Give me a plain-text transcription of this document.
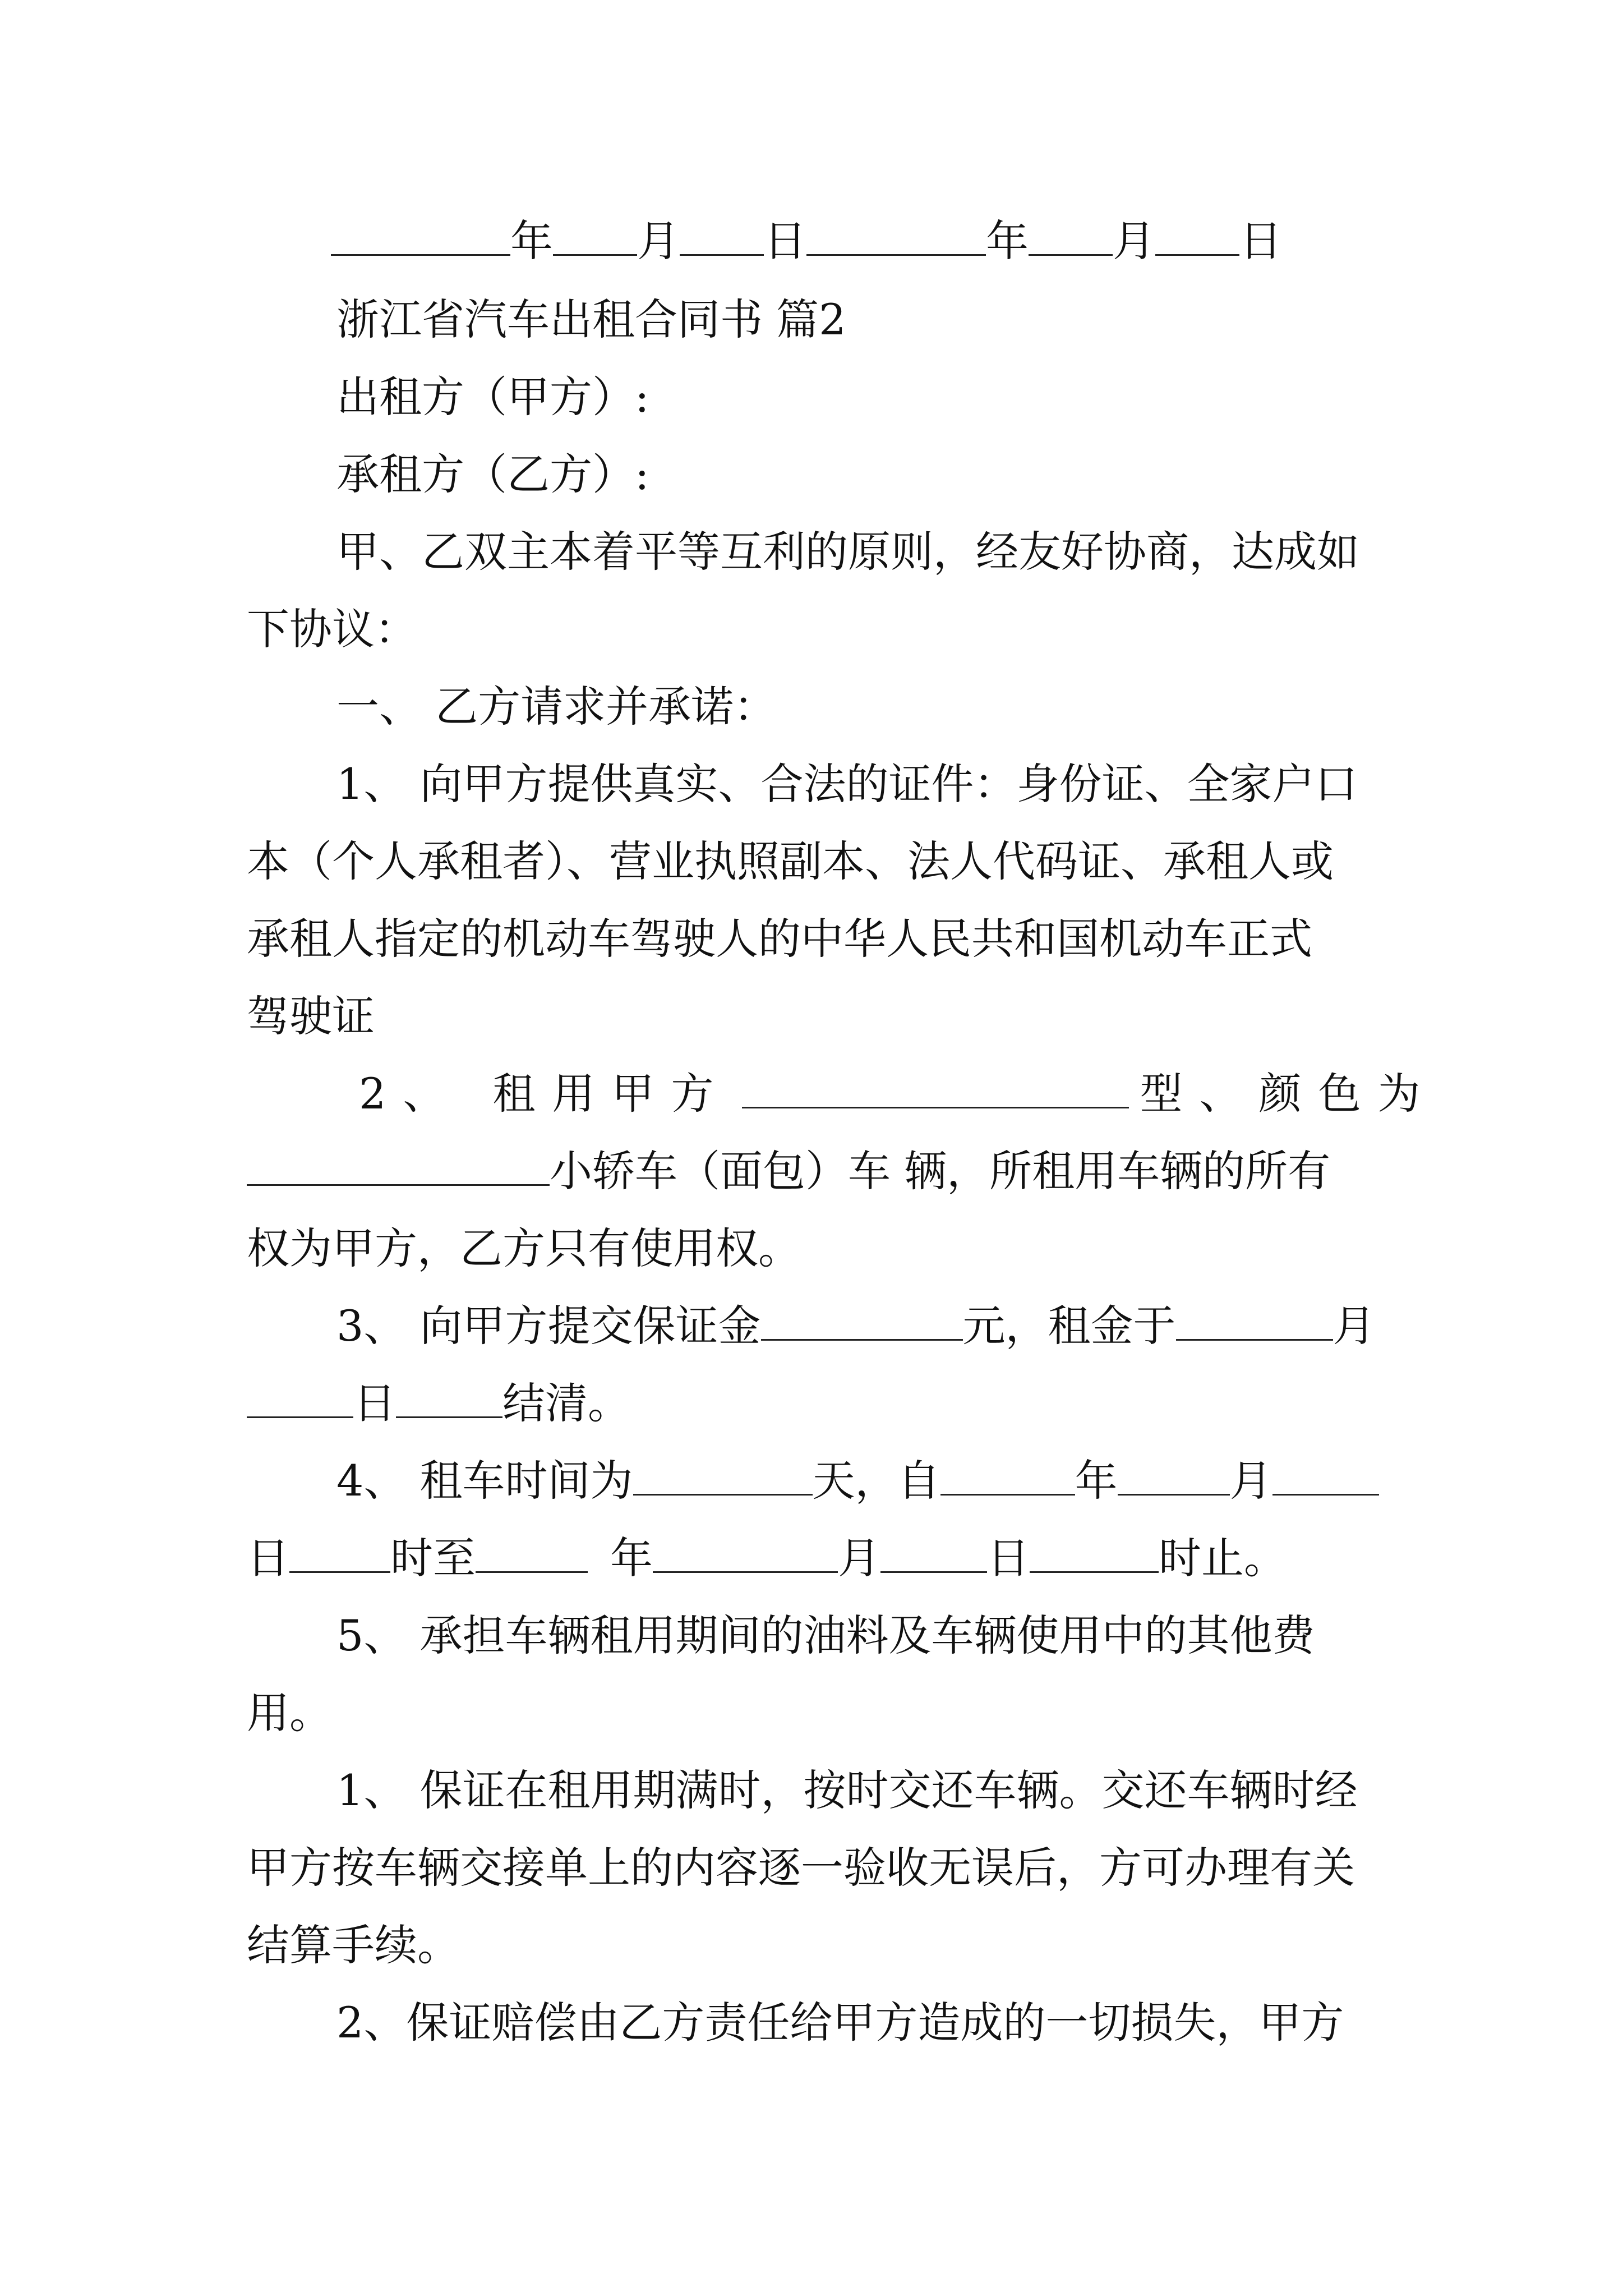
年 月 日	年 月 日
浙江省汽车出租合同书 篇2
出租方（甲方）:
承租方（乙方）:
甲、乙双主本着平等互利的原则，经友好协商，达成如
下协议：
一、 乙方请求并承诺：
1、 向甲方提供真实、合法的证件：身份证、全家户口
本（个人承租者）、营业执照副本、法人代码证、承租人或
承租人指定的机动车驾驶人的中华人民共和国机动车正式
驾驶证
2、 租用甲方	型、颜色为
小轿车（面包）车 辆，所租用车辆的所有
权为甲方，乙方只有使用权。
3、 向甲方提交保证金	元，租金于	月
日	结清。
4、 租车时间为	天，自	年	月
日 时至	年	月	日	时止。
5、 承担车辆租用期间的油料及车辆使用中的其他费
用。
1、 保证在租用期满时，按时交还车辆。交还车辆时经
甲方按车辆交接单上的内容逐一验收无误后，方可办理有关
结算手续。
2、保证赔偿由乙方责任给甲方造成的一切损失，甲方
